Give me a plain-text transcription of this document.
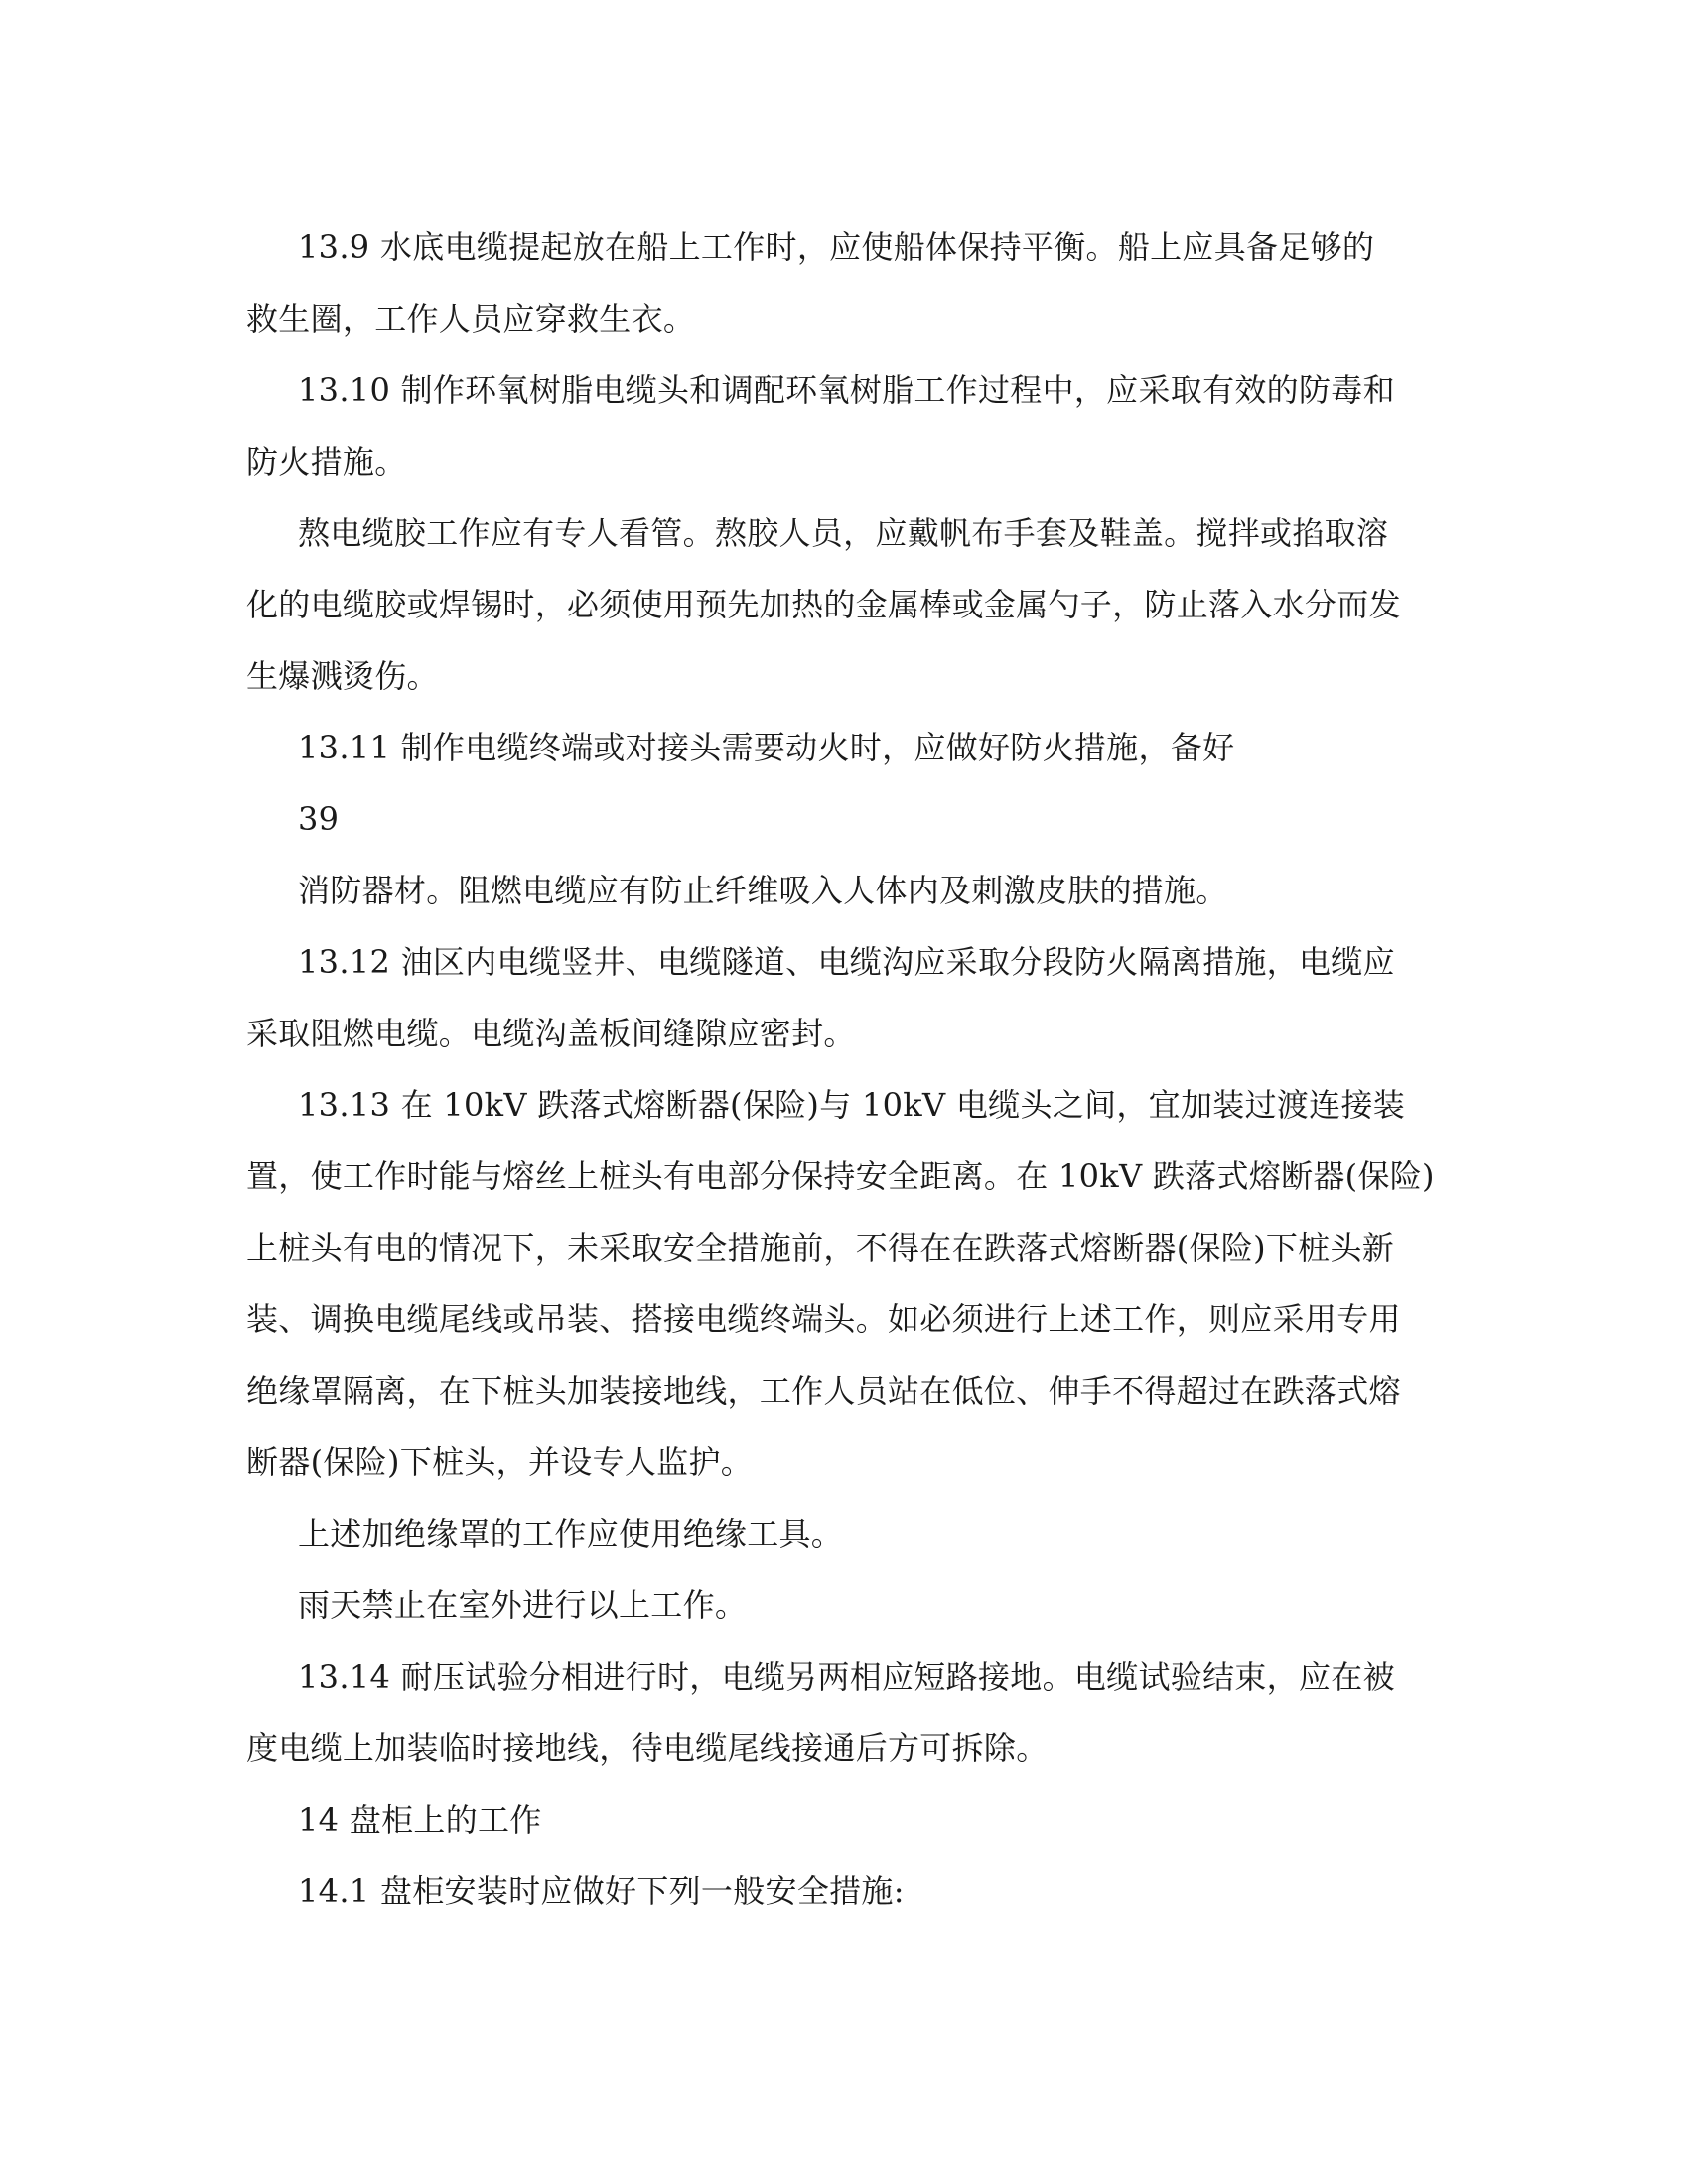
13.9 水底电缆提起放在船上工作时，应使船体保持平衡。船上应具备足够的
救生圈，工作人员应穿救生衣。
13.10 制作环氧树脂电缆头和调配环氧树脂工作过程中，应采取有效的防毒和
防火措施。
熬电缆胶工作应有专人看管。熬胶人员，应戴帆布手套及鞋盖。搅拌或掐取溶
化的电缆胶或焊锡时，必须使用预先加热的金属棒或金属勺子，防止落入水分而发
生爆溅烫伤。
13.11 制作电缆终端或对接头需要动火时，应做好防火措施，备好
39
消防器材。阻燃电缆应有防止纤维吸入人体内及刺激皮肤的措施。
13.12 油区内电缆竖井、电缆隧道、电缆沟应采取分段防火隔离措施，电缆应
采取阻燃电缆。电缆沟盖板间缝隙应密封。
13.13 在 10kV 跌落式熔断器(保险)与 10kV 电缆头之间，宜加装过渡连接装
置，使工作时能与熔丝上桩头有电部分保持安全距离。在 10kV 跌落式熔断器(保险)
上桩头有电的情况下，未采取安全措施前，不得在在跌落式熔断器(保险)下桩头新
装、调换电缆尾线或吊装、搭接电缆终端头。如必须进行上述工作，则应采用专用
绝缘罩隔离，在下桩头加装接地线，工作人员站在低位、伸手不得超过在跌落式熔
断器(保险)下桩头，并设专人监护。
上述加绝缘罩的工作应使用绝缘工具。
雨天禁止在室外进行以上工作。
13.14 耐压试验分相进行时，电缆另两相应短路接地。电缆试验结束，应在被
度电缆上加装临时接地线，待电缆尾线接通后方可拆除。
14 盘柜上的工作
14.1 盘柜安装时应做好下列一般安全措施:
